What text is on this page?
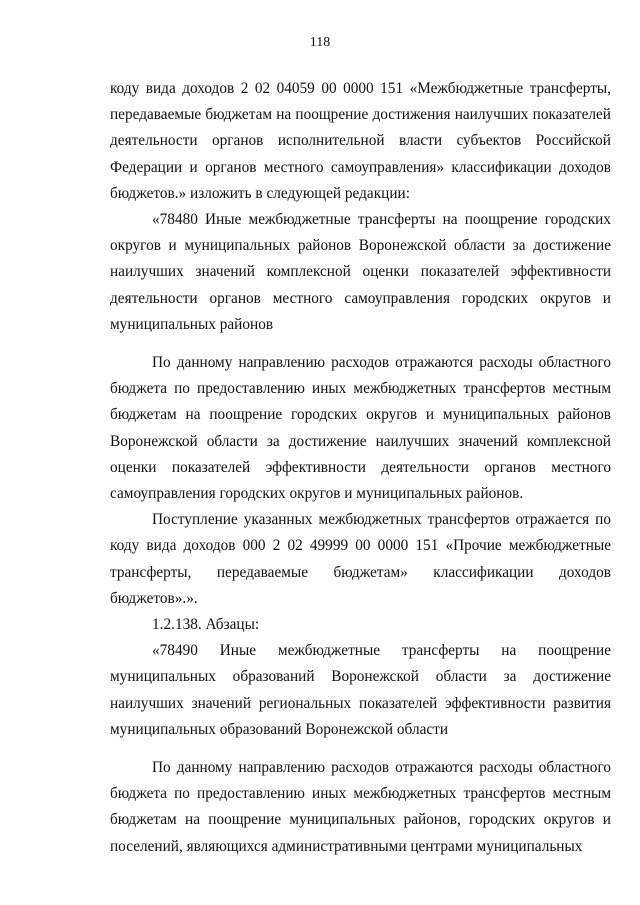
118

кодy вида доходов 2 02 04059 00 0000 151 «Межбюджетные трансферты, передаваемые бюджетам на поощрение достижения наилучших показателей деятельности органов исполнительной власти субъектов Российской Федерации и органов местного самоуправления» классификации доходов бюджетов.» изложить в следующей редакции:

«78480 Иные межбюджетные трансферты на поощрение городских округов и муниципальных районов Воронежской области за достижение наилучших значений комплексной оценки показателей эффективности деятельности органов местного самоуправления городских округов и муниципальных районов

По данному направлению расходов отражаются расходы областного бюджета по предоставлению иных межбюджетных трансфертов местным бюджетам на поощрение городских округов и муниципальных районов Воронежской области за достижение наилучших значений комплексной оценки показателей эффективности деятельности органов местного самоуправления городских округов и муниципальных районов.

Поступление указанных межбюджетных трансфертов отражается по кодy вида доходов 000 2 02 49999 00 0000 151 «Прочие межбюджетные трансферты, передаваемые бюджетам» классификации доходов бюджетов».».

1.2.138. Абзацы:

«78490 Иные межбюджетные трансферты на поощрение муниципальных образований Воронежской области за достижение наилучших значений региональных показателей эффективности развития муниципальных образований Воронежской области

По данному направлению расходов отражаются расходы областного бюджета по предоставлению иных межбюджетных трансфертов местным бюджетам на поощрение муниципальных районов, городских округов и поселений, являющихся административными центрами муниципальных
